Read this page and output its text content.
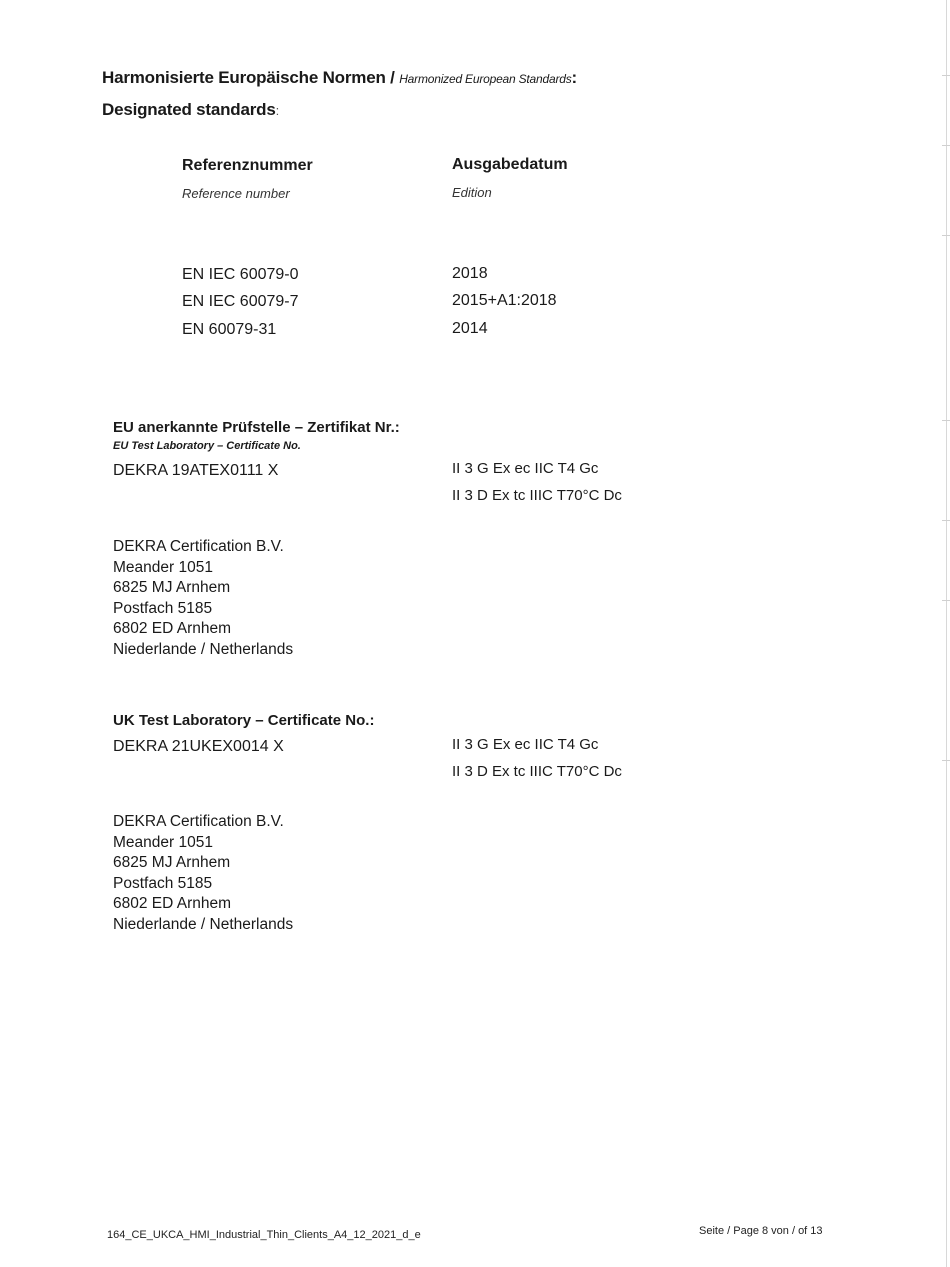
Harmonisierte Europäische Normen / Harmonized European Standards:
Designated standards:
Referenznummer
Reference number
Ausgabedatum
Edition
EN IEC 60079-0	2018
EN IEC 60079-7	2015+A1:2018
EN 60079-31	2014
EU anerkannte Prüfstelle – Zertifikat Nr.:
EU Test Laboratory – Certificate No.
DEKRA 19ATEX0111 X	II 3 G Ex ec IIC T4 Gc
II 3 D Ex tc IIIC T70°C Dc
DEKRA Certification B.V.
Meander 1051
6825 MJ Arnhem
Postfach 5185
6802 ED Arnhem
Niederlande / Netherlands
UK Test Laboratory – Certificate No.:
DEKRA 21UKEX0014 X	II 3 G Ex ec IIC T4 Gc
II 3 D Ex tc IIIC T70°C Dc
DEKRA Certification B.V.
Meander 1051
6825 MJ Arnhem
Postfach 5185
6802 ED Arnhem
Niederlande / Netherlands
164_CE_UKCA_HMI_Industrial_Thin_Clients_A4_12_2021_d_e	Seite / Page 8 von / of 13
